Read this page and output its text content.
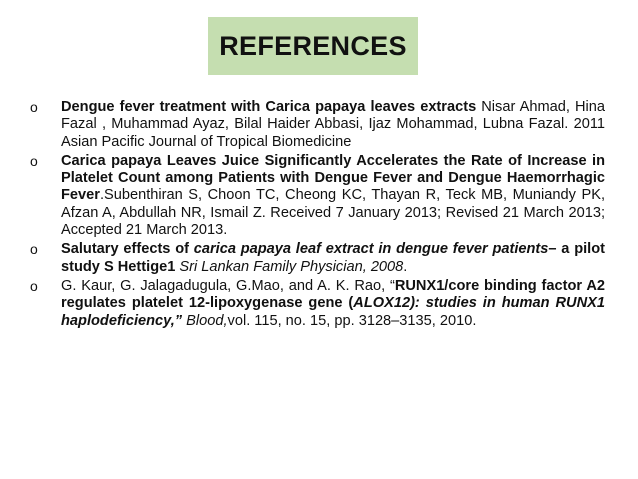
REFERENCES
o Dengue fever treatment with Carica papaya leaves extracts Nisar Ahmad, Hina Fazal , Muhammad Ayaz, Bilal Haider Abbasi, Ijaz Mohammad, Lubna Fazal. 2011 Asian Pacific Journal of Tropical Biomedicine
o Carica papaya Leaves Juice Significantly Accelerates the Rate of Increase in Platelet Count among Patients with Dengue Fever and Dengue Haemorrhagic Fever.Subenthiran S, Choon TC, Cheong KC, Thayan R, Teck MB, Muniandy PK, Afzan A, Abdullah NR, Ismail Z. Received 7 January 2013; Revised 21 March 2013; Accepted 21 March 2013.
o Salutary effects of carica papaya leaf extract in dengue fever patients– a pilot study S Hettige1 Sri Lankan Family Physician, 2008.
o G. Kaur, G. Jalagadugula, G.Mao, and A. K. Rao, “RUNX1/core binding factor A2 regulates platelet 12-lipoxygenase gene (ALOX12): studies in human RUNX1 haplodeficiency,” Blood,vol. 115, no. 15, pp. 3128–3135, 2010.
